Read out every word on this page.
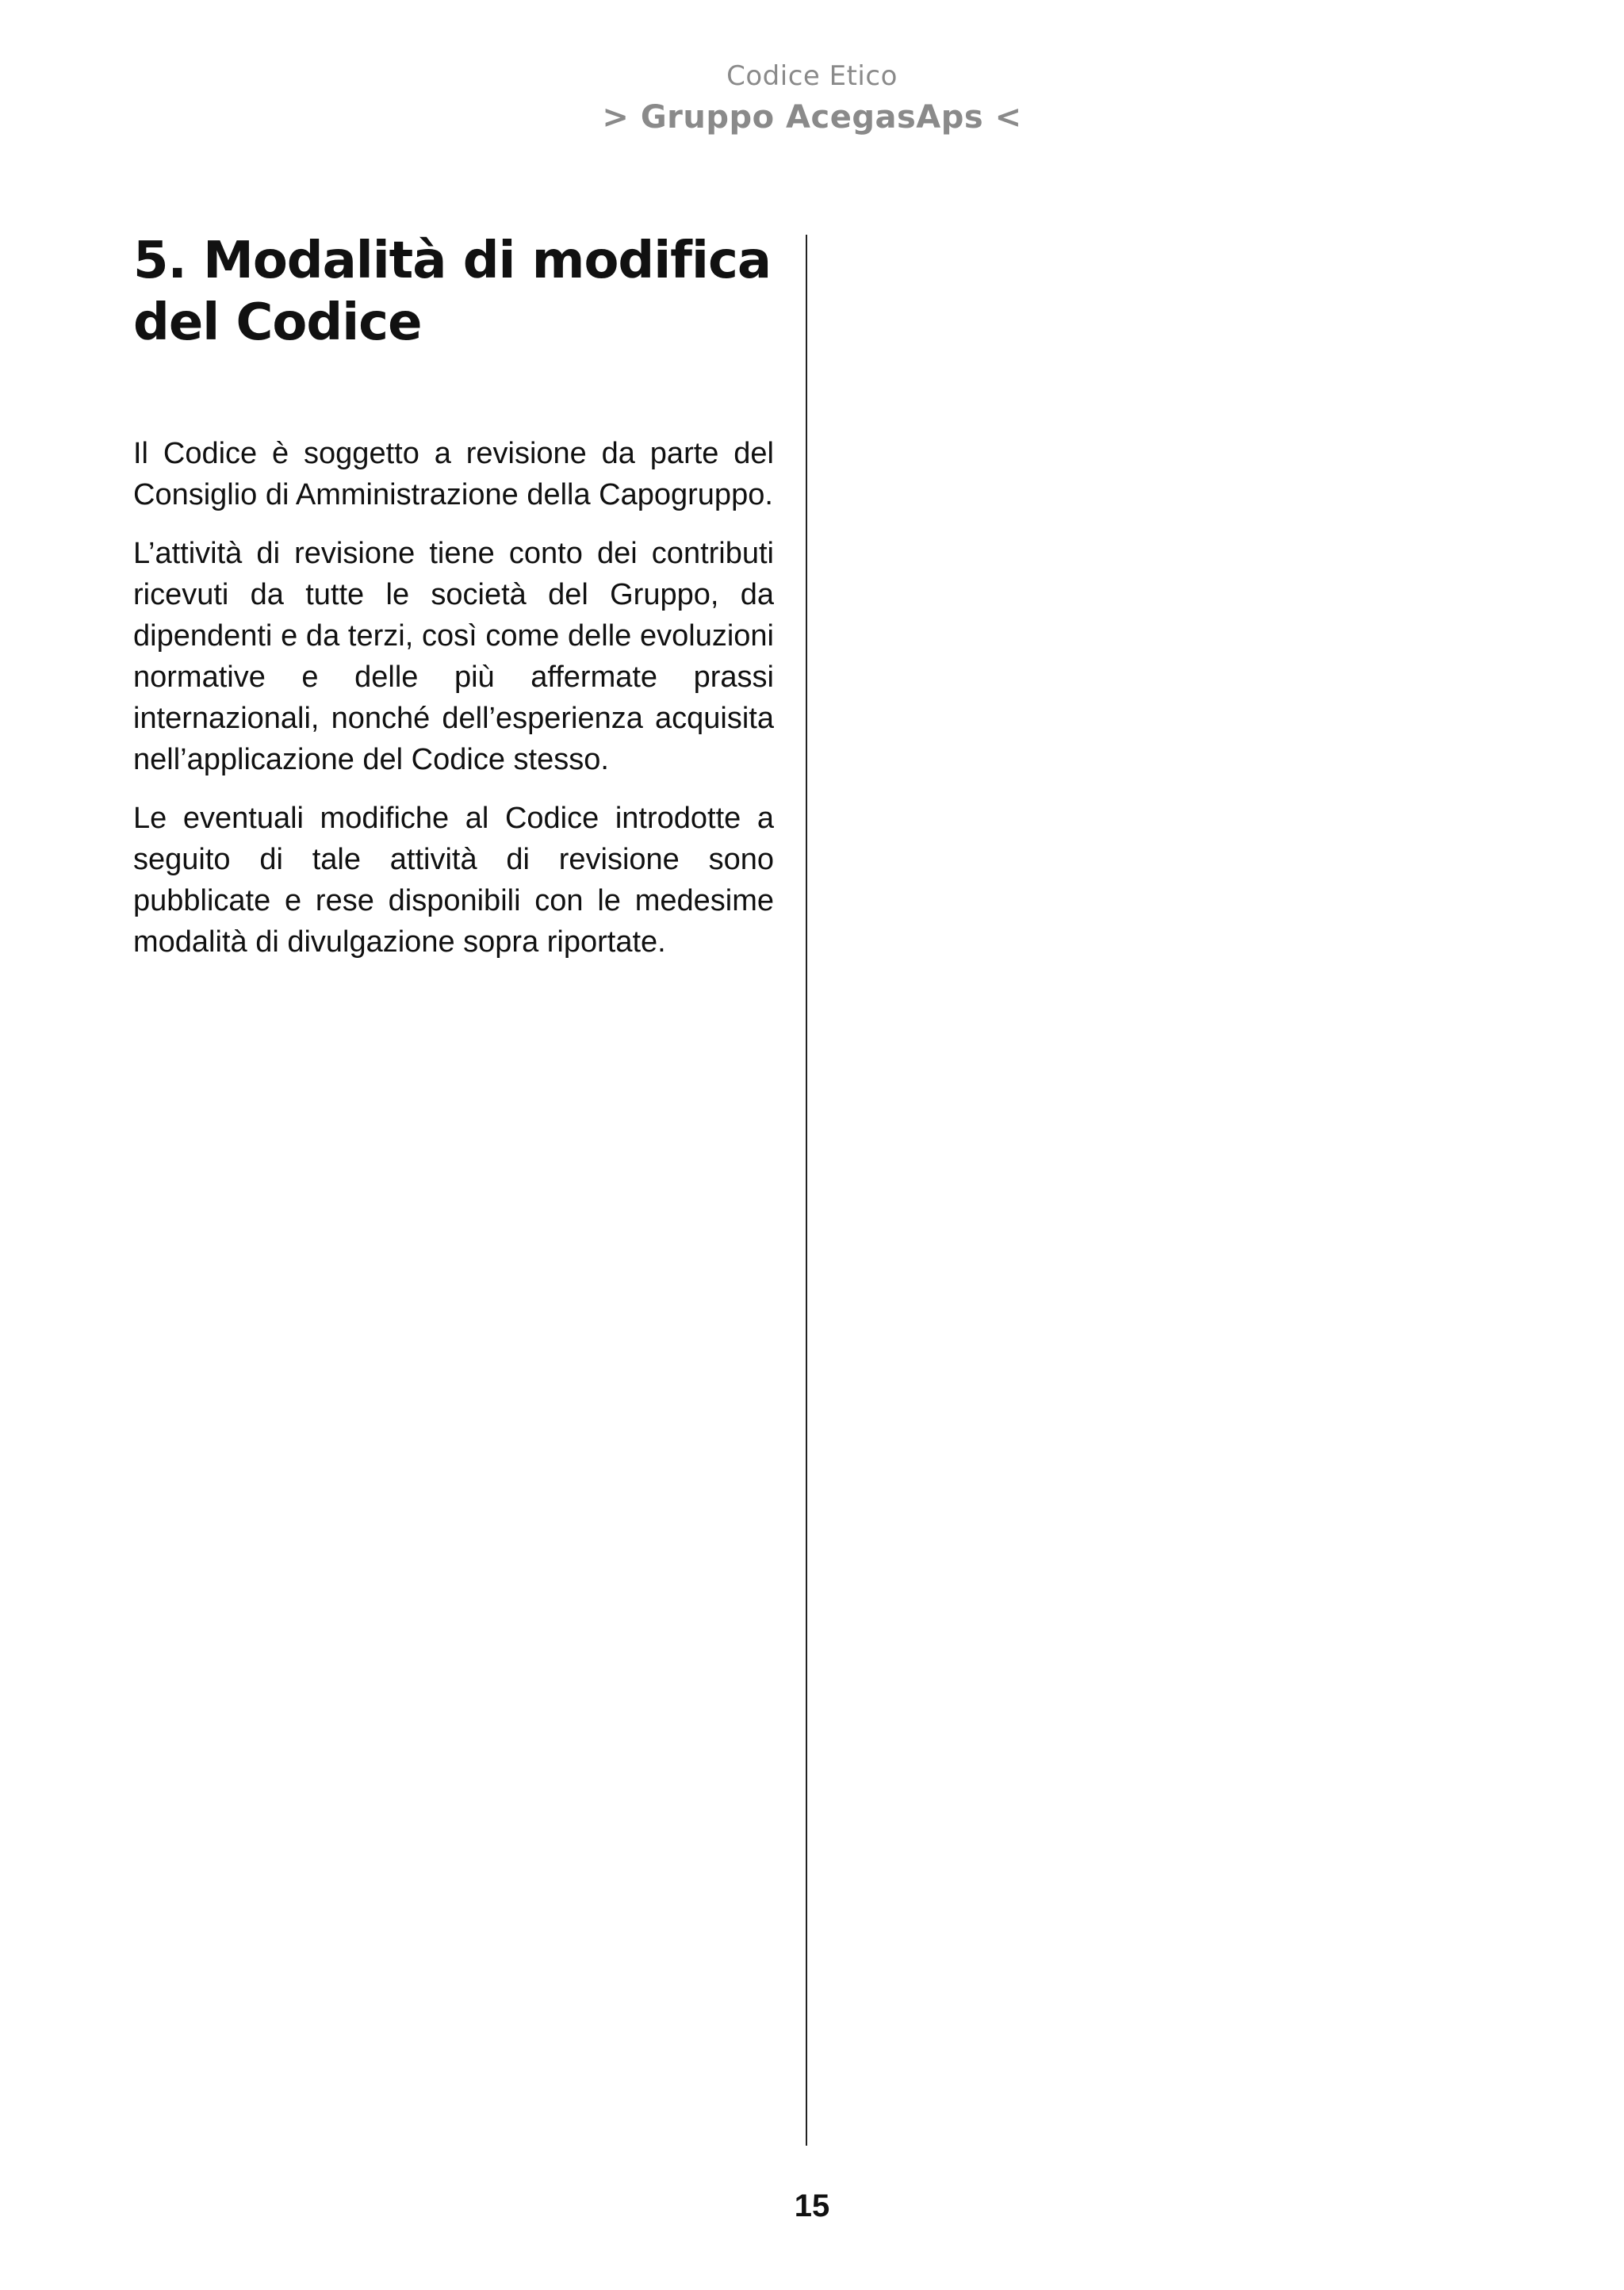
Codice Etico
> Gruppo AcegasAps <
5. Modalità di modifica del Codice

Il Codice è soggetto a revisione da parte del Consiglio di Amministrazione della Capogruppo.

L’attività di revisione tiene conto dei contributi ricevuti da tutte le società del Gruppo, da dipendenti e da terzi, così come delle evoluzioni normative e delle più affermate prassi internazionali, nonché dell’esperienza acquisita nell’applicazione del Codice stesso.

Le eventuali modifiche al Codice introdotte a seguito di tale attività di revisione sono pubblicate e rese disponibili con le medesime modalità di divulgazione sopra riportate.

15
